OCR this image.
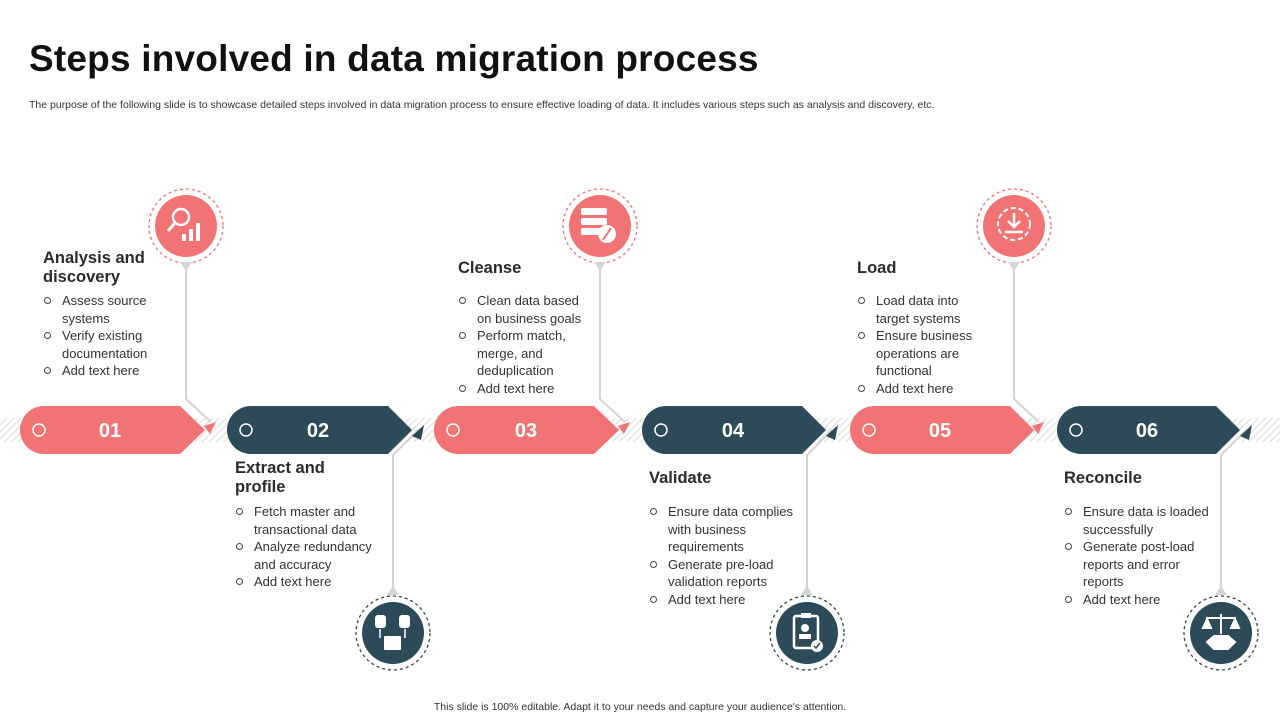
Steps involved in data migration process
The purpose of the following slide is to showcase detailed steps involved in data migration process to ensure effective loading of data. It includes various steps such as analysis and discovery, etc.
01	02	03	04	05	06
Analysis and discovery
Assess source systems
Verify existing documentation
Add text here
Extract and profile
Fetch master and transactional data
Analyze redundancy and accuracy
Add text here
Cleanse
Clean data based on business goals
Perform match, merge, and deduplication
Add text here
Validate
Ensure data complies with business requirements
Generate pre-load validation reports
Add text here
Load
Load data into target systems
Ensure business operations are functional
Add text here
Reconcile
Ensure data is loaded successfully
Generate post-load reports and error reports
Add text here
This slide is 100% editable. Adapt it to your needs and capture your audience's attention.
